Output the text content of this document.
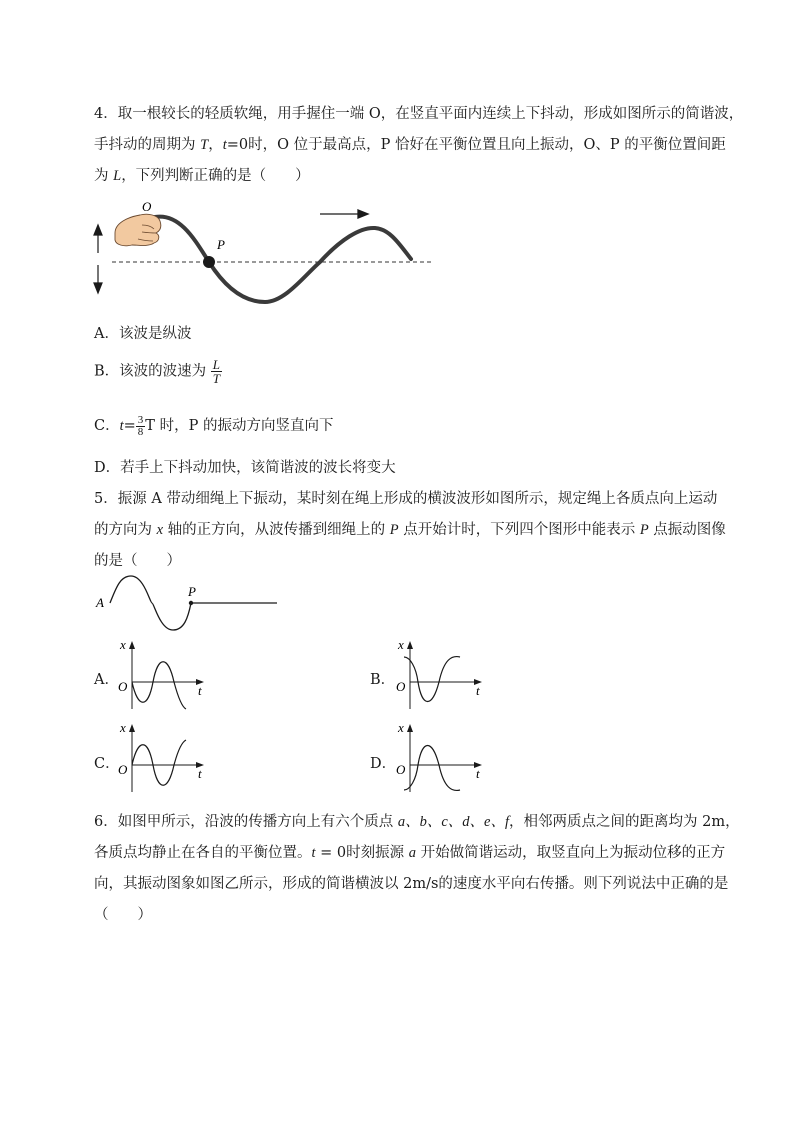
4．取一根较长的轻质软绳，用手握住一端 O，在竖直平面内连续上下抖动，形成如图所示的简谐波，
手抖动的周期为 T，t=0时，O 位于最高点，P 恰好在平衡位置且向上振动，O、P 的平衡位置间距
为 L，下列判断正确的是（　　）
O
P
A．该波是纵波
B．该波的波速为 $\frac{L}{T}$
C．$t= \frac{3}{8}$ T 时，P 的振动方向竖直向下
D．若手上下抖动加快，该简谐波的波长将变大
5．振源 A 带动细绳上下振动，某时刻在绳上形成的横波波形如图所示，规定绳上各质点向上运动
的方向为 x 轴的正方向，从波传播到细绳上的 P 点开始计时，下列四个图形中能表示 P 点振动图像
的是（　　）
A
P
A．
x
O	t
B．
x
O	t
C．
x
O	t
D．
x
O	t
6．如图甲所示，沿波的传播方向上有六个质点 a、b、c、d、e、f，相邻两质点之间的距离均为 2m，
各质点均静止在各自的平衡位置。t = 0时刻振源 a 开始做简谐运动，取竖直向上为振动位移的正方
向，其振动图象如图乙所示，形成的简谐横波以 2m/s的速度水平向右传播。则下列说法中正确的是
（　　）
